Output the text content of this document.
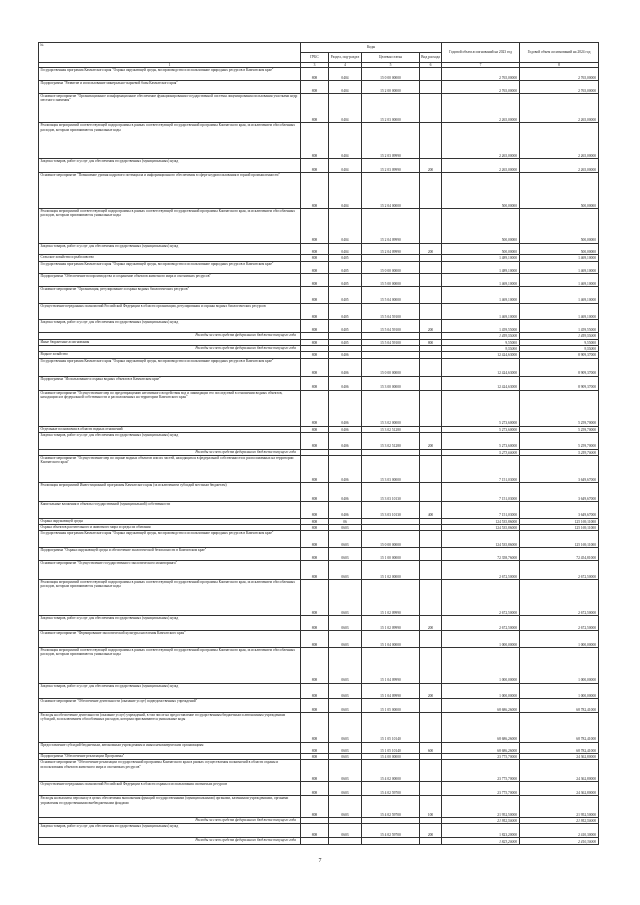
№	Коды				Годовой объем ассигнований на 2023 год	Годовой объем ассигнований на 2024 год
	ГРБС	Раздел, под-раздел	Целевая статья	Вид расхода		
1	3	4	5	6	7	8
Государственная программа Камчатского края "Охрана окружающей среды, воспроизводство и использование природных ресурсов в Камчатском крае"	808	0404	15 0 00 00000		2 765,00000	2 765,00000
Подпрограмма "Развитие и использование минерально-сырьевой базы Камчатского края"	808	0404	15 2 00 00000		2 765,00000	2 765,00000
Основное мероприятие "Организационное и информационное обеспечение функционирования государственной системы лицензирования пользования участками недр местного значения"	808	0404	15 2 03 00000		2 265,00000	2 265,00000
Реализация мероприятий соответствующей подпрограммы в рамках соответствующей государственной программы Камчатского края, за исключением обособленных расходов, которым присваиваются уникальные коды	808	0404	15 2 03 09990		2 265,00000	2 265,00000
Закупка товаров, работ и услуг для обеспечения государственных (муниципальных) нужд	808	0404	15 2 03 09990	200	2 265,00000	2 265,00000
Основное мероприятие "Повышение уровня кадрового потенциала и информационного обеспечения в сфере недропользования в горной промышленности"	808	0404	15 2 04 00000		500,00000	500,00000
Реализация мероприятий соответствующей подпрограммы в рамках соответствующей государственной программы Камчатского края, за исключением обособленных расходов, которым присваиваются уникальные коды	808	0404	15 2 04 09990		500,00000	500,00000
Закупка товаров, работ и услуг для обеспечения государственных (муниципальных) нужд	808	0404	15 2 04 09990	200	500,00000	500,00000
Сельское хозяйство и рыболовство	808	0405			1 489,10000	1 469,10000
Государственная программа Камчатского края "Охрана окружающей среды, воспроизводство и использование природных ресурсов в Камчатском крае"	808	0405	15 0 00 00000		1 489,10000	1 469,10000
Подпрограмма "Обеспечение воспроизводства и сохранение объектов животного мира и охотничьих ресурсов"	808	0405	15 5 00 00000		1 469,10000	1 469,10000
Основное мероприятие "Организация, регулирование и охрана водных биологических ресурсов"	808	0405	15 5 04 00000		1 469,10000	1 469,10000
Осуществление переданных полномочий Российской Федерации в области организации, регулирования и охраны водных биологических ресурсов	808	0405	15 5 04 59100		1 469,10000	1 469,10000
Закупка товаров, работ и услуг для обеспечения государственных (муниципальных) нужд	808	0405	15 5 04 59100	200	1 459,55000	1 459,55000
Расходы за счет средств федерального бюджета текущего года					1 459,55000	1 459,55000
Иные бюджетные ассигнования	808	0405	15 5 04 59100	800	9,55000	9,55000
Расходы за счет средств федерального бюджета текущего года					9,55000	9,55000
Водное хозяйство	808	0406			12 424,63000	8 909,37000
Государственная программа Камчатского края "Охрана окружающей среды, воспроизводство и использование природных ресурсов в Камчатском крае"	808	0406	15 0 00 00000		12 424,63000	8 909,37000
Подпрограмма "Использование и охрана водных объектов в Камчатском крае"	808	0406	15 3 00 00000		12 424,63000	8 909,37000
Основное мероприятие "Осуществление мер по предотвращению негативного воздействия вод и ликвидации его последствий в отношении водных объектов, находящихся в федеральной собственности и расположенных на территории Камчатского края"	808	0406	15 3 02 00000		5 273,60000	5 259,70000
Отдельные полномочия в области водных отношений	808	0406	15 3 02 51280		5 273,60000	5 259,70000
Закупка товаров, работ и услуг для обеспечения государственных (муниципальных) нужд	808	0406	15 3 02 51280	200	5 273,60000	5 259,70000
Расходы за счет средств федерального бюджета текущего года					5 273,60000	5 259,70000
Основное мероприятие "Осуществление мер по охране водных объектов или их частей, находящихся в федеральной собственности и расположенных на территории Камчатского края"	808	0406	15 3 03 00000		7 151,03000	3 649,67000
Реализация мероприятий Инвестиционной программы Камчатского края (за исключением субсидий местным бюджетам)	808	0406	15 3 03 10130		7 151,03000	3 649,67000
Капитальные вложения в объекты государственной (муниципальной) собственности	808	0406	15 3 03 10130	400	7 151,03000	3 649,67000
Охрана окружающей среды	808	06			124 535,86000	125 169,11000
Охрана объектов растительного и животного мира и среды их обитания	808	0603			124 535,86000	125 169,11000
Государственная программа Камчатского края "Охрана окружающей среды, воспроизводство и использование природных ресурсов в Камчатском крае"	808	0603	15 0 00 00000		124 535,86000	125 169,11000
Подпрограмма "Охрана окружающей среды и обеспечение экологической безопасности в Камчатском крае"	808	0603	15 1 00 00000		72 358,76000	72 454,81000
Основное мероприятие "Осуществление государственного экологического мониторинга"	808	0603	15 1 02 00000		2 672,50000	2 672,50000
Реализация мероприятий соответствующей подпрограммы в рамках соответствующей государственной программы Камчатского края, за исключением обособленных расходов, которым присваиваются уникальные коды	808	0603	15 1 02 09990		2 672,50000	2 672,50000
Закупка товаров, работ и услуг для обеспечения государственных (муниципальных) нужд	808	0603	15 1 02 09990	200	2 672,50000	2 672,50000
Основное мероприятие "Формирование экологической культуры населения Камчатского края"	808	0603	15 1 04 00000		1 000,00000	1 000,00000
Реализация мероприятий соответствующей подпрограммы в рамках соответствующей государственной программы Камчатского края, за исключением обособленных расходов, которым присваиваются уникальные коды	808	0603	15 1 04 09990		1 000,00000	1 000,00000
Закупка товаров, работ и услуг для обеспечения государственных (муниципальных) нужд	808	0603	15 1 04 09990	200	1 000,00000	1 000,00000
Основное мероприятие "Обеспечение деятельности (оказание услуг) подведомственных учреждений"	808	0603	15 1 05 00000		68 686,26000	68 782,41000
Расходы на обеспечение деятельности (оказание услуг) учреждений, в том числе на предоставление государственным бюджетным и автономным учреждениям субсидий, за исключением обособленных расходов, которым присваиваются уникальные коды	808	0603	15 1 05 10140		68 686,26000	68 782,41000
Предоставление субсидий бюджетным, автономным учреждениям и иным некоммерческим организациям	808	0603	15 1 05 10140	600	68 686,26000	68 782,41000
Подпрограмма "Обеспечение реализации Программы"	808	0603	15 4 00 00000		23 775,70000	24 362,80000
Основное мероприятие "Обеспечение реализации государственной программы Камчатского края в рамках осуществления полномочий в области охраны и использования объектов животного мира и охотничьих ресурсов"	808	0603	15 4 02 00000		23 775,70000	24 362,80000
Осуществление переданных полномочий Российской Федерации в области охраны и использования охотничьих ресурсов	808	0603	15 4 02 59700		23 775,70000	24 362,80000
Расходы на выплаты персоналу в целях обеспечения выполнения функций государственными (муниципальными) органами, казенными учреждениями, органами управления государственными внебюджетными фондами	808	0603	15 4 02 59700	100	21 952,50000	21 952,50000
Расходы за счет средств федерального бюджета текущего года					21 952,50000	21 952,50000
Закупка товаров, работ и услуг для обеспечения государственных (муниципальных) нужд	808	0603	15 4 02 59700	200	1 823,20000	2 410,30000
Расходы за счет средств федерального бюджета текущего года					1 823,20000	2 410,30000
7
